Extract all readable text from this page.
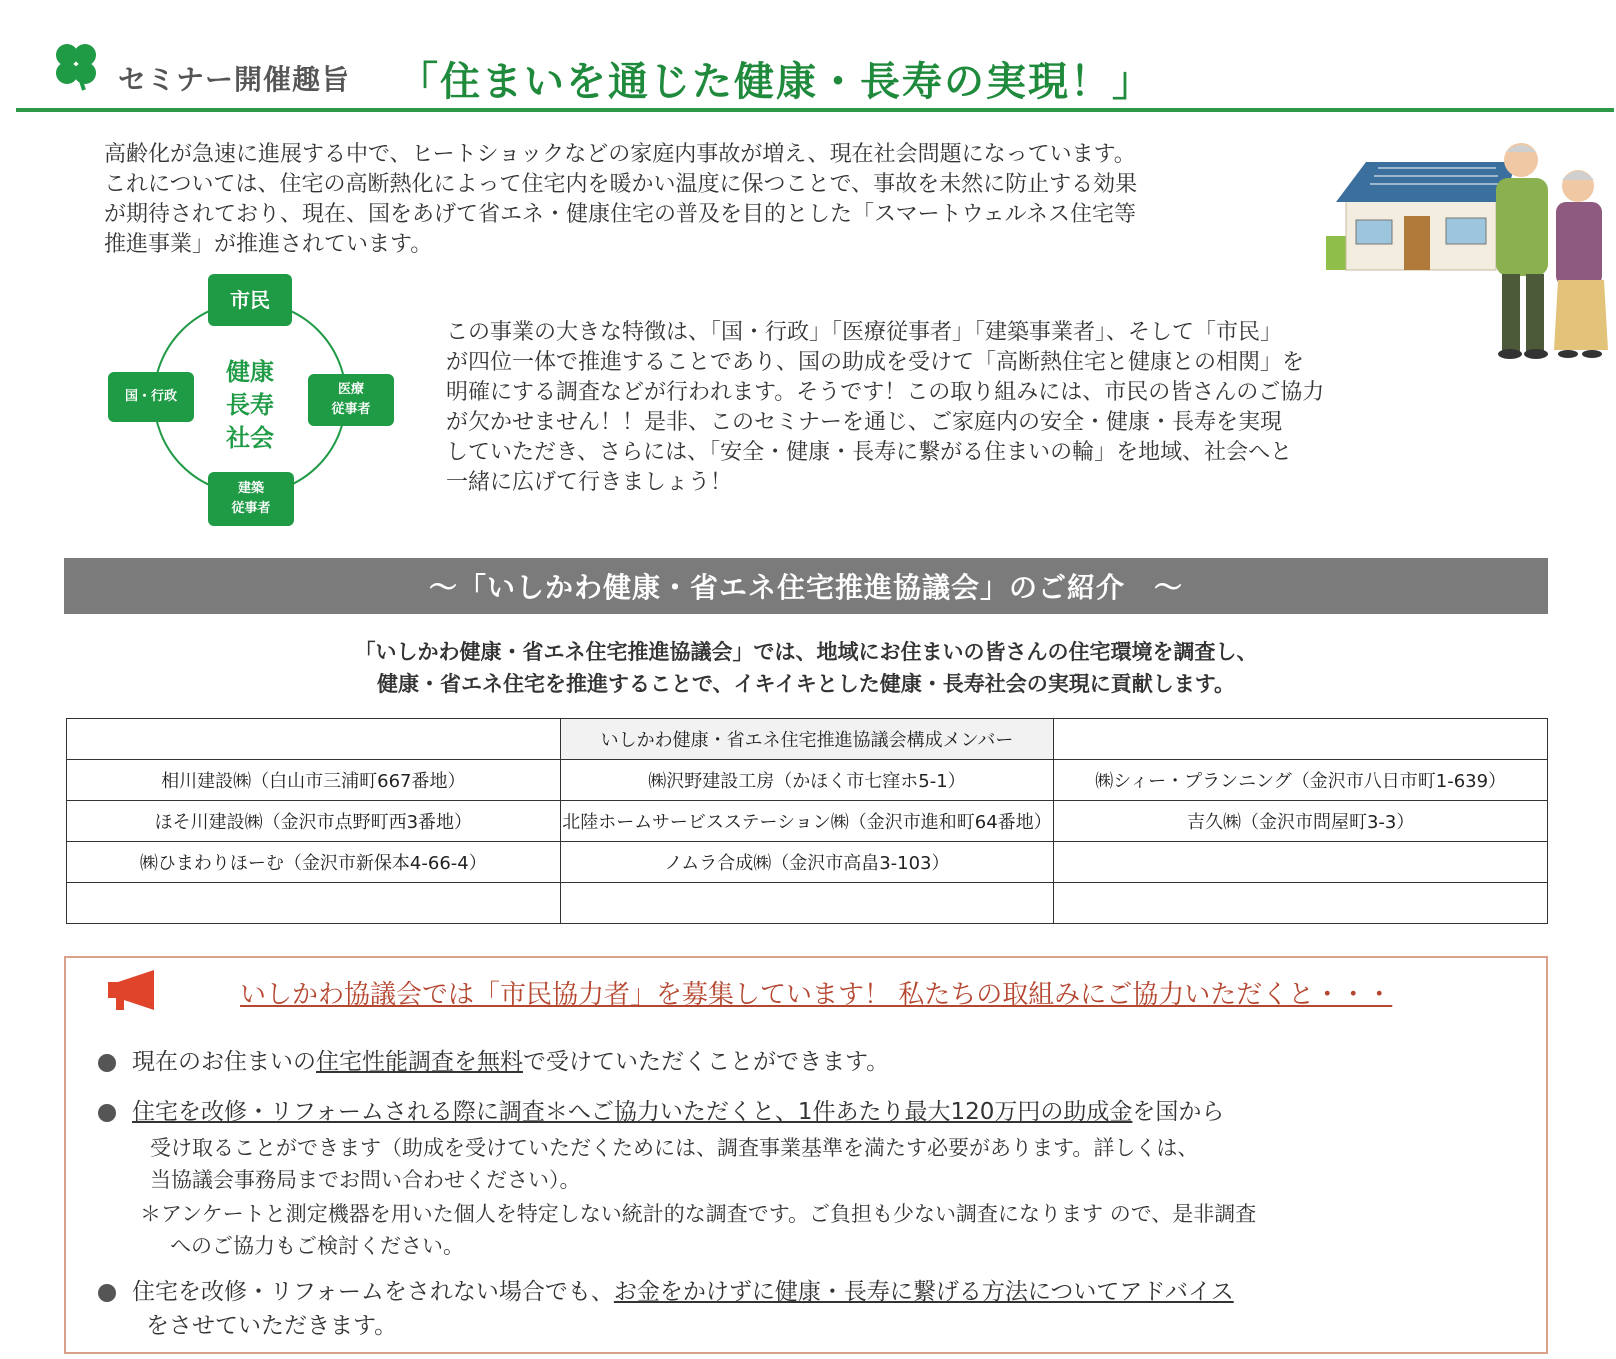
セミナー開催趣旨 「住まいを通じた健康・長寿の実現！」

高齢化が急速に進展する中で、ヒートショックなどの家庭内事故が増え、現在社会問題になっています。

これについては、住宅の高断熱化によって住宅内を暖かい温度に保つことで、事故を未然に防止する効果

が期待されており、現在、国をあげて省エネ・健康住宅の普及を目的とした「スマートウェルネス住宅等

推進事業」が推進されています。

市民
国・行政	医療
従事者
建築
従事者
健康
長寿
社会

この事業の大きな特徴は、「国・行政」「医療従事者」「建築事業者」、そして「市民」

が四位一体で推進することであり、国の助成を受けて「高断熱住宅と健康との相関」を

明確にする調査などが行われます。そうです！この取り組みには、市民の皆さんのご協力

が欠かせません！！是非、このセミナーを通じ、ご家庭内の安全・健康・長寿を実現

していただき、さらには、「安全・健康・長寿に繋がる住まいの輪」を地域、社会へと

一緒に広げて行きましょう！

～「いしかわ健康・省エネ住宅推進協議会」のご紹介　～

「いしかわ健康・省エネ住宅推進協議会」では、地域にお住まいの皆さんの住宅環境を調査し、

健康・省エネ住宅を推進することで、イキイキとした健康・長寿社会の実現に貢献します。

	いしかわ健康・省エネ住宅推進協議会構成メンバー	
相川建設㈱（白山市三浦町667番地）	㈱沢野建設工房（かほく市七窪ホ5-1）	㈱シィー・プランニング（金沢市八日市町1-639）
ほそ川建設㈱（金沢市点野町西3番地）	北陸ホームサービスステーション㈱（金沢市進和町64番地）	吉久㈱（金沢市問屋町3-3）
㈱ひまわりほーむ（金沢市新保本4-66-4）	ノムラ合成㈱（金沢市高畠3-103）	

いしかわ協議会では「市民協力者」を募集しています！ 私たちの取組みにご協力いただくと・・・
現在のお住まいの住宅性能調査を無料で受けていただくことができます。
住宅を改修・リフォームされる際に調査＊へご協力いただくと、1件あたり最大120万円の助成金を国から
受け取ることができます（助成を受けていただくためには、調査事業基準を満たす必要があります。詳しくは、
当協議会事務局までお問い合わせください）。
＊アンケートと測定機器を用いた個人を特定しない統計的な調査です。ご負担も少ない調査になります ので、是非調査
へのご協力もご検討ください。
住宅を改修・リフォームをされない場合でも、お金をかけずに健康・長寿に繋げる方法についてアドバイス
をさせていただきます。
